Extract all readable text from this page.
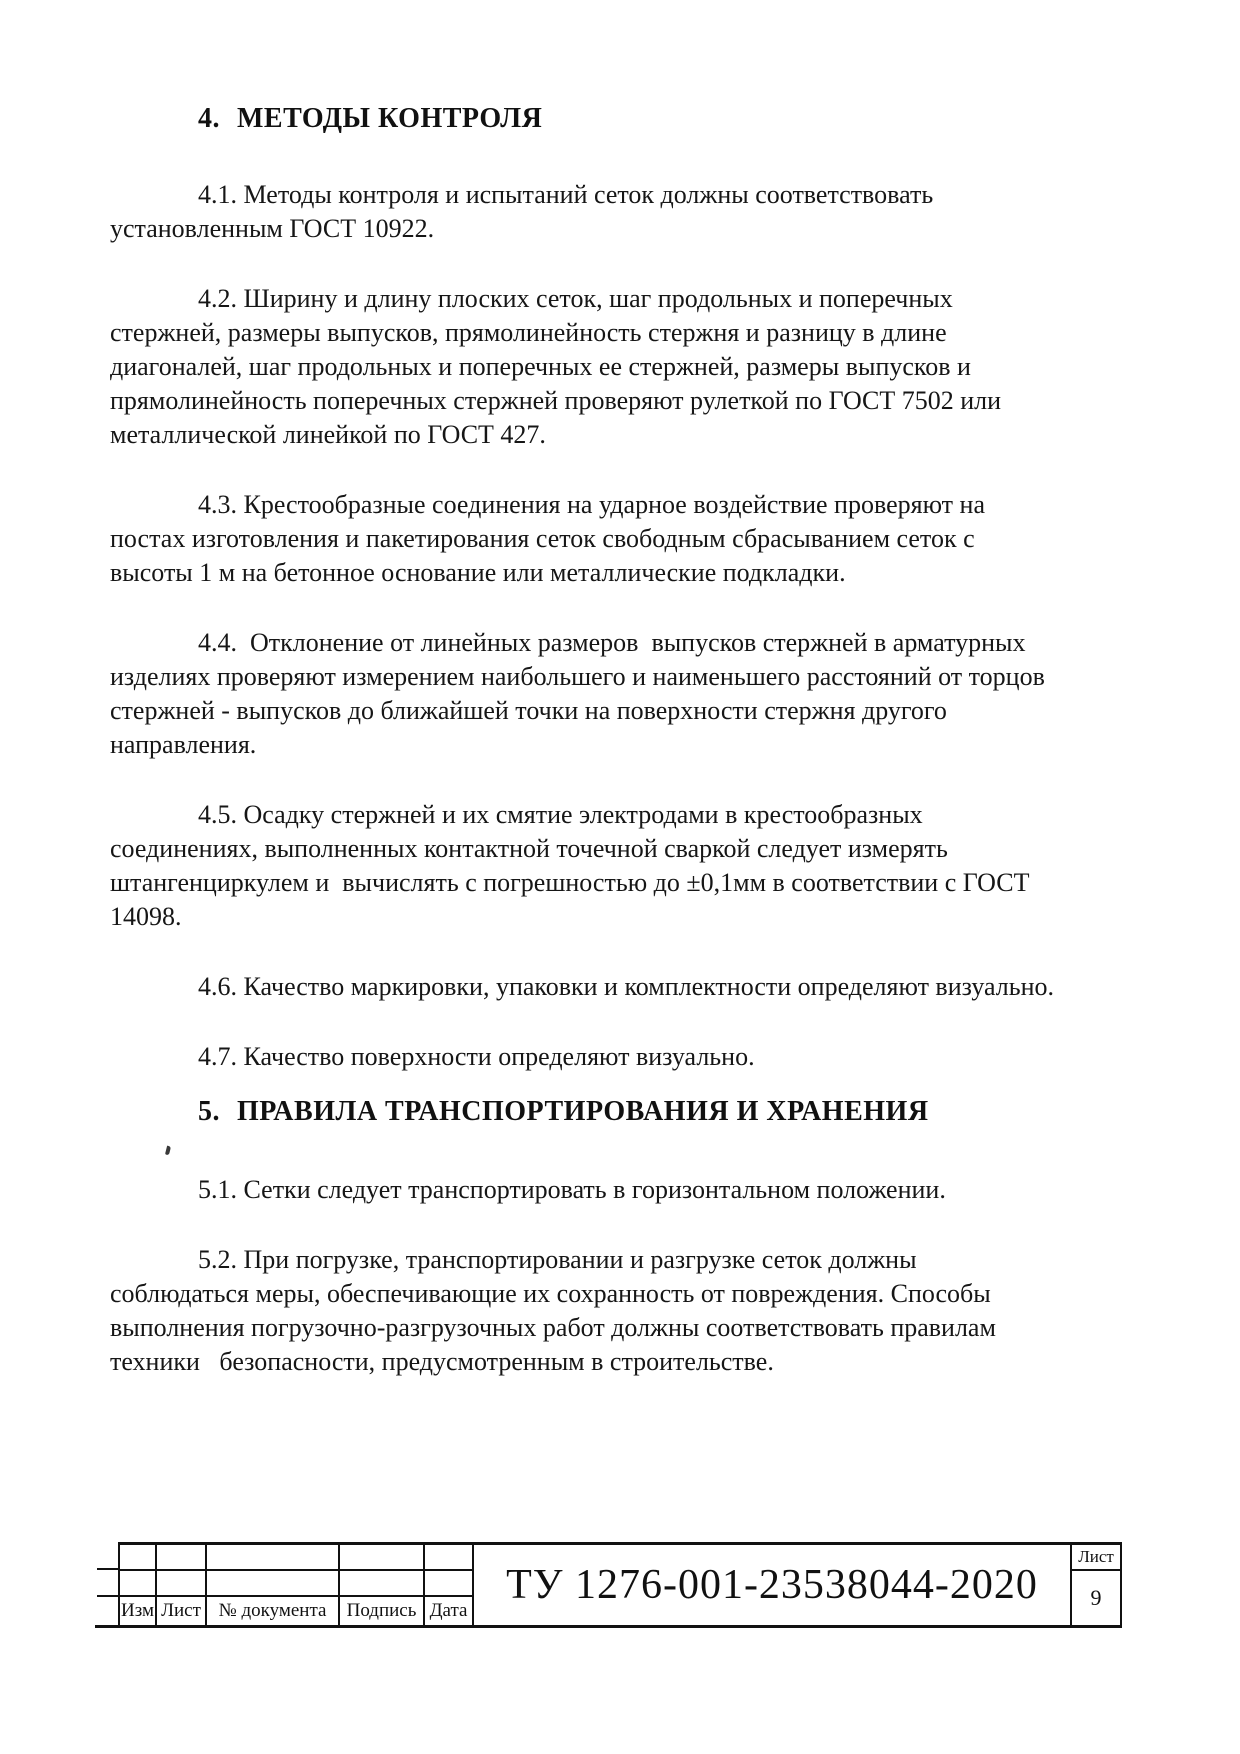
4. МЕТОДЫ КОНТРОЛЯ

4.1. Методы контроля и испытаний сеток должны соответствовать установленным ГОСТ 10922.

4.2. Ширину и длину плоских сеток, шаг продольных и поперечных стержней, размеры выпусков, прямолинейность стержня и разницу в длине диагоналей, шаг продольных и поперечных ее стержней, размеры выпусков и прямолинейность поперечных стержней проверяют рулеткой по ГОСТ 7502 или металлической линейкой по ГОСТ 427.

4.3. Крестообразные соединения на ударное воздействие проверяют на постах изготовления и пакетирования сеток свободным сбрасыванием сеток с высоты 1 м на бетонное основание или металлические подкладки.

4.4.  Отклонение от линейных размеров  выпусков стержней в арматурных изделиях проверяют измерением наибольшего и наименьшего расстояний от торцов стержней - выпусков до ближайшей точки на поверхности стержня другого направления.

4.5. Осадку стержней и их смятие электродами в крестообразных соединениях, выполненных контактной точечной сваркой следует измерять штангенциркулем и  вычислять с погрешностью до ±0,1мм в соответствии с ГОСТ 14098.

4.6. Качество маркировки, упаковки и комплектности определяют визуально.

4.7. Качество поверхности определяют визуально.

5. ПРАВИЛА ТРАНСПОРТИРОВАНИЯ И ХРАНЕНИЯ

5.1. Сетки следует транспортировать в горизонтальном положении.

5.2. При погрузке, транспортировании и разгрузке сеток должны соблюдаться меры, обеспечивающие их сохранность от повреждения. Способы выполнения погрузочно-разгрузочных работ должны соответствовать правилам техники   безопасности, предусмотренным в строительстве.

ТУ 1276-001-23538044-2020
Лист
9
Изм Лист № документа	Подпись Дата
